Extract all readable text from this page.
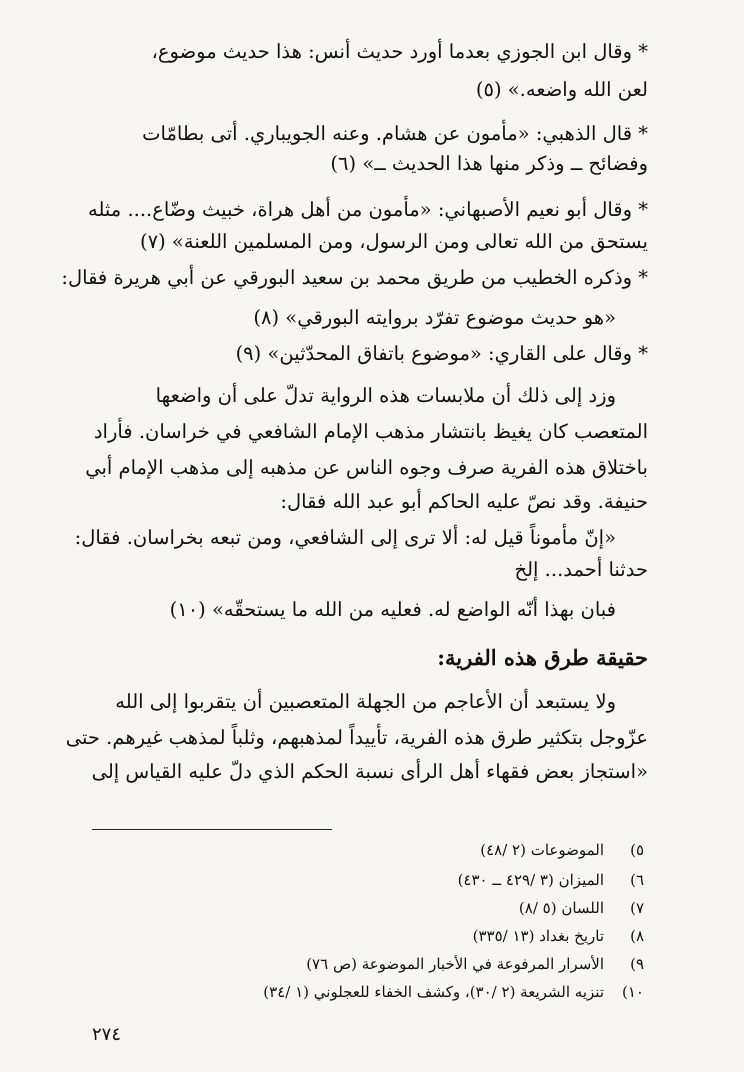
* وقال ابن الجوزي بعدما أورد حديث أنس: هذا حديث موضوع،
لعن الله واضعه.» (٥)
* قال الذهبي: «مأمون عن هشام. وعنه الجويباري. أتى بطامّات
وفضائح ــ وذكر منها هذا الحديث ــ» (٦)
* وقال أبو نعيم الأصبهاني: «مأمون من أهل هراة، خبيث وضّاع.... مثله
يستحق من الله تعالى ومن الرسول، ومن المسلمين اللعنة» (٧)
* وذكره الخطيب من طريق محمد بن سعيد البورقي عن أبي هريرة فقال:
«هو حديث موضوع تفرّد بروايته البورقي» (٨)
* وقال على القاري: «موضوع باتفاق المحدّثين» (٩)
وزد إلى ذلك أن ملابسات هذه الرواية تدلّ على أن واضعها
المتعصب كان يغيظ بانتشار مذهب الإمام الشافعي في خراسان. فأراد
باختلاق هذه الفرية صرف وجوه الناس عن مذهبه إلى مذهب الإمام أبي
حنيفة. وقد نصّ عليه الحاكم أبو عبد الله فقال:
«إنّ مأموناً قيل له: ألا ترى إلى الشافعي، ومن تبعه بخراسان. فقال:
حدثنا أحمد... إلخ
فبان بهذا أنّه الواضع له. فعليه من الله ما يستحقّه» (١٠)
حقيقة طرق هذه الفرية:
ولا يستبعد أن الأعاجم من الجهلة المتعصبين أن يتقربوا إلى الله
عزّوجل بتكثير طرق هذه الفرية، تأييداً لمذهبهم، وثلباً لمذهب غيرهم. حتى
«استجاز بعض فقهاء أهل الرأى نسبة الحكم الذي دلّ عليه القياس إلى
٥)
الموضوعات (٢ /٤٨)
٦)
الميزان (٣ /٤٢٩ ــ ٤٣٠)
٧)
اللسان (٥ /٨)
٨)
تاريخ بغداد (١٣ /٣٣٥)
٩)
الأسرار المرفوعة في الأخبار الموضوعة (ص ٧٦)
١٠)
تنزيه الشريعة (٢ /٣٠)، وكشف الخفاء للعجلوني (١ /٣٤)
٢٧٤
